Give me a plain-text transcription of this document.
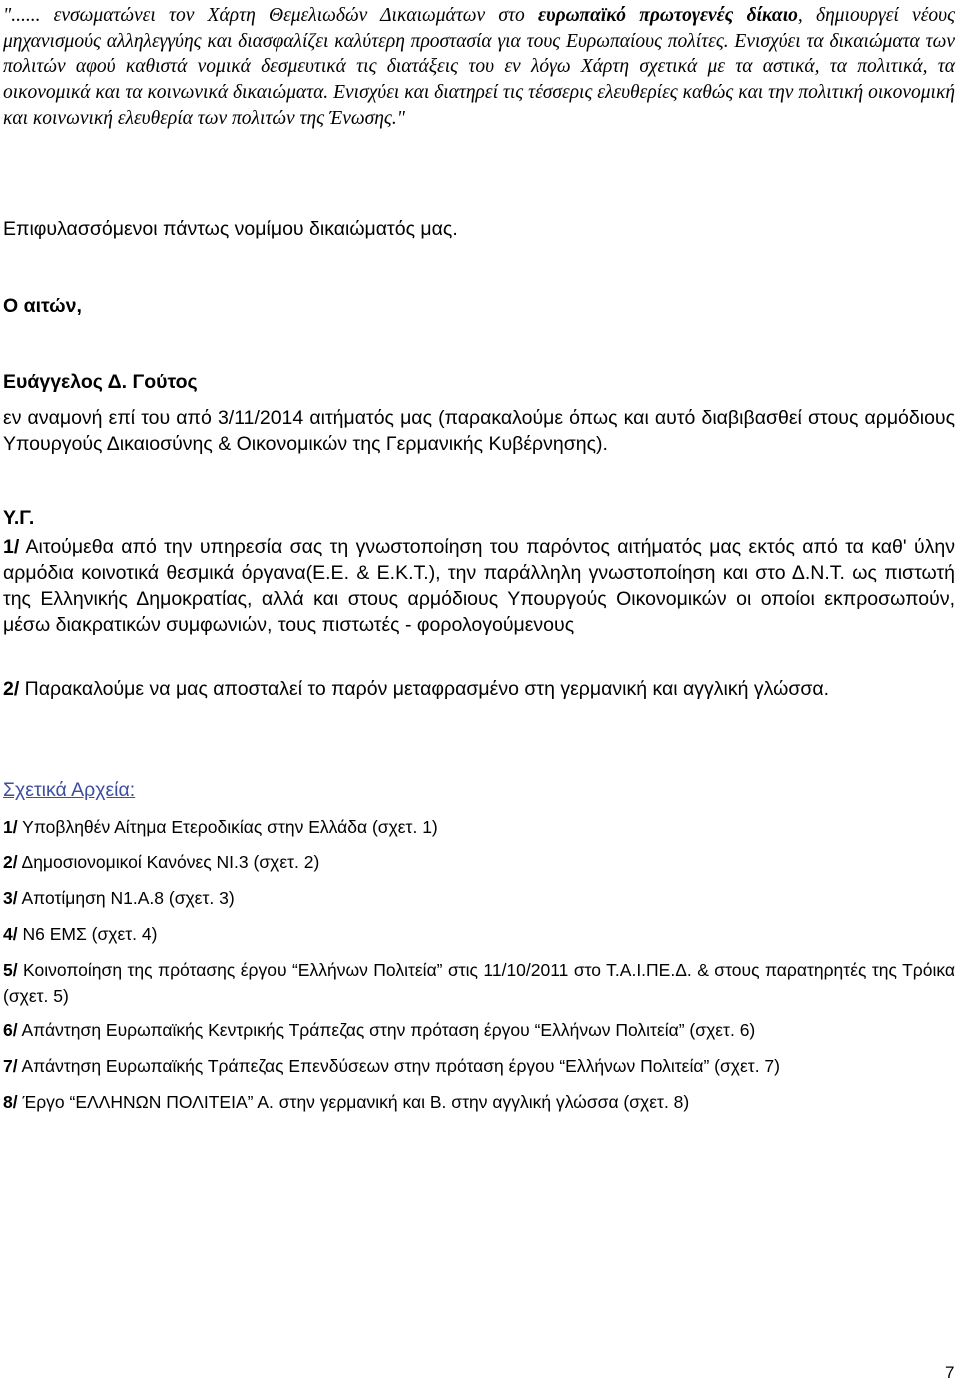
"...... ενσωματώνει τον Χάρτη Θεμελιωδών Δικαιωμάτων στο ευρωπαϊκό πρωτογενές δίκαιο, δημιουργεί νέους μηχανισμούς αλληλεγγύης και διασφαλίζει καλύτερη προστασία για τους Ευρωπαίους πολίτες. Ενισχύει τα δικαιώματα των πολιτών αφού καθιστά νομικά δεσμευτικά τις διατάξεις του εν λόγω Χάρτη σχετικά με τα αστικά, τα πολιτικά, τα οικονομικά και τα κοινωνικά δικαιώματα. Ενισχύει και διατηρεί τις τέσσερις ελευθερίες καθώς και την πολιτική οικονομική και κοινωνική ελευθερία των πολιτών της Ένωσης."
Επιφυλασσόμενοι πάντως νομίμου δικαιώματός μας.
Ο αιτών,
Ευάγγελος Δ. Γούτος
εν αναμονή επί του από 3/11/2014 αιτήματός μας (παρακαλούμε όπως και αυτό διαβιβασθεί στους αρμόδιους Υπουργούς Δικαιοσύνης & Οικονομικών της Γερμανικής Κυβέρνησης).
Υ.Γ.
1/ Αιτούμεθα από την υπηρεσία σας τη γνωστοποίηση του παρόντος αιτήματός μας εκτός από τα καθ' ύλην αρμόδια κοινοτικά θεσμικά όργανα(Ε.Ε. & Ε.Κ.Τ.), την παράλληλη γνωστοποίηση και στο Δ.Ν.Τ. ως πιστωτή της Ελληνικής Δημοκρατίας, αλλά και στους αρμόδιους Υπουργούς Οικονομικών οι οποίοι εκπροσωπούν, μέσω διακρατικών συμφωνιών, τους πιστωτές - φορολογούμενους
2/ Παρακαλούμε να μας αποσταλεί το παρόν μεταφρασμένο στη γερμανική και αγγλική γλώσσα.
Σχετικά Αρχεία:
1/ Υποβληθέν Αίτημα Ετεροδικίας στην Ελλάδα (σχετ. 1)
2/ Δημοσιονομικοί Κανόνες ΝΙ.3 (σχετ. 2)
3/ Αποτίμηση Ν1.Α.8 (σχετ. 3)
4/ Ν6 ΕΜΣ (σχετ. 4)
5/ Κοινοποίηση της πρότασης έργου “Ελλήνων Πολιτεία” στις 11/10/2011 στο Τ.Α.Ι.ΠΕ.Δ. & στους παρατηρητές της Τρόικα (σχετ. 5)
6/ Απάντηση Ευρωπαϊκής Κεντρικής Τράπεζας στην πρόταση έργου “Ελλήνων Πολιτεία” (σχετ. 6)
7/ Απάντηση Ευρωπαϊκής Τράπεζας Επενδύσεων στην πρόταση έργου “Ελλήνων Πολιτεία” (σχετ. 7)
8/ Έργο “ΕΛΛΗΝΩΝ ΠΟΛΙΤΕΙΑ” Α. στην γερμανική και Β. στην αγγλική γλώσσα (σχετ. 8)
7
